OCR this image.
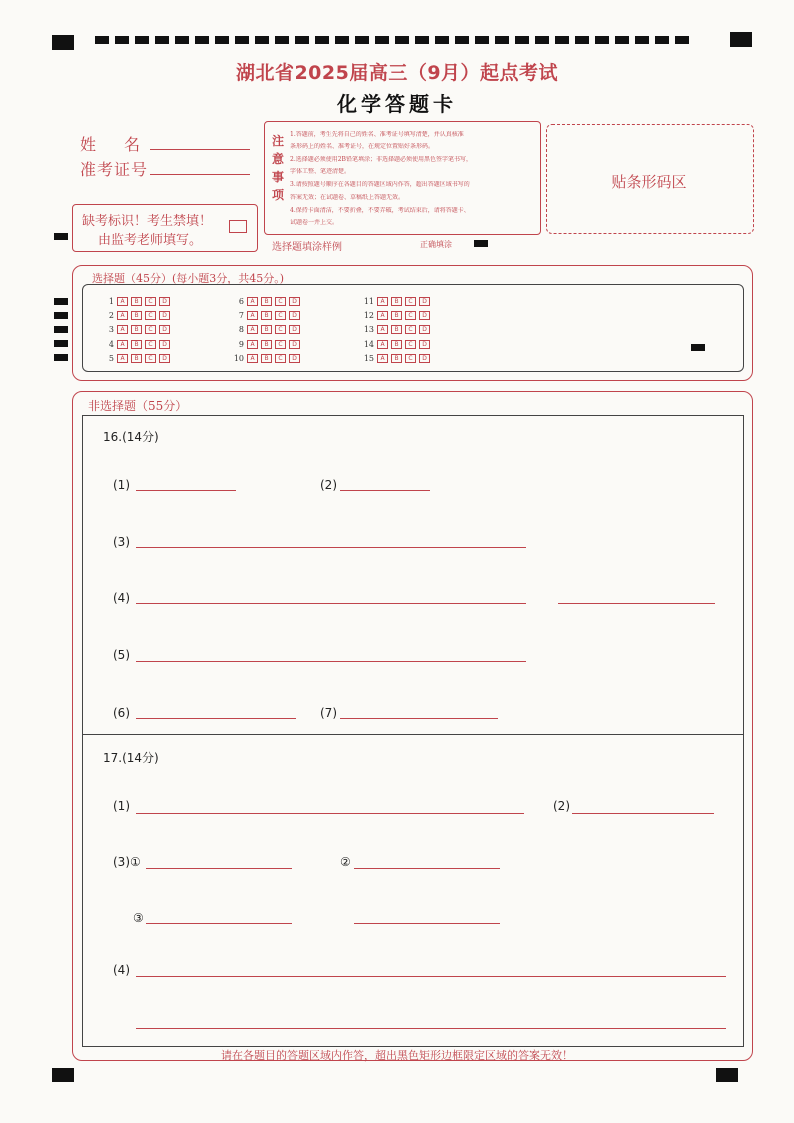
湖北省2025届高三（9月）起点考试
化学答题卡
姓　名
准考证号
缺考标识！考生禁填！
由监考老师填写。
注意事项
1.答题前，考生先将自己的姓名、准考证号填写清楚，并认真核准
条形码上的姓名、准考证号，在规定位置贴好条形码。
2.选择题必须使用2B铅笔填涂；非选择题必须使用黑色签字笔书写，
字体工整、笔迹清楚。
3.请按照题号顺序在各题目的答题区域内作答，超出答题区域书写的
答案无效；在试题卷、草稿纸上答题无效。
4.保持卡面清洁，不要折叠，不要弄破，考试结束后，请将答题卡、
试题卷一并上交。
选择题填涂样例	正确填涂
贴条形码区
选择题（45分）(每小题3分，共45分。)
非选择题（55分）
16.(14分)
(1)	(2)
(3)
(4)
(5)
(6)	(7)
17.(14分)
(1)	(2)
(3)①	②
③
(4)
请在各题目的答题区域内作答，超出黑色矩形边框限定区域的答案无效！
1	A	B	C	D
2	A	B	C	D
3	A	B	C	D
4	A	B	C	D
5	A	B	C	D
6	A	B	C	D
7	A	B	C	D
8	A	B	C	D
9	A	B	C	D
10	A	B	C	D
11	A	B	C	D
12	A	B	C	D
13	A	B	C	D
14	A	B	C	D
15	A	B	C	D
